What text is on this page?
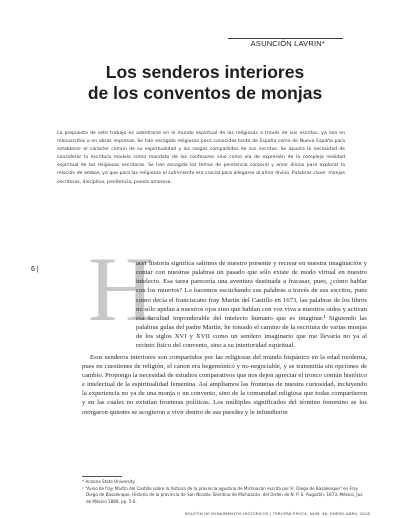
ASUNCIÓN LAVRIN*
Los senderos interiores
de los conventos de monjas
La propuesta de este trabajo es adentrarse en el mundo espiritual de las religiosas a través de sus escritos, ya sea en manuscritos o en obras impresas. Se han escogido religiosas poco conocidas tanto de España como de Nueva España para establecer el carácter común de su espiritualidad y los rasgos compartidos de sus escritos. Se apunta la necesidad de considerar la escritura modelo como mandato de los confesores sino como vía de expresión de la compleja realidad espiritual de las religiosas escritoras. Se han escogido los temas de penitencia corporal y amor divino para explorar la relación de ambos, ya que para las religiosas el sufrimiento era crucial para allegarse al amor divino. Palabras clave: monjas escritoras, disciplina, penitencia, poesía amorosa.
6 | H

acer historia significa salirnos de nuestro presente y recrear en nuestra imaginación y contar con nuestras palabras un pasado que sólo existe de modo virtual en nuestro intelecto. Esa tarea parecería una aventura destinada a fracasar, pues, ¿cómo hablar con los muertos? Lo hacemos escuchando sus palabras a través de sus escritos, pues como decía el franciscano fray Martín del Castillo en 1673, las palabras de los libros no sólo apelan a nuestros ojos sino que hablan con voz viva a nuestros oídos y activan esa facultad imponderable del intelecto humano que es imaginar.¹ Siguiendo las palabras gulas del padre Martín, he tomado el camino de la escritura de varias monjas de los siglos XVI y XVII como un sendero imaginario que me llevaría no ya al recinto físico del convento, sino a su interioridad espiritual.

Esos senderos interiores son compartidos por las religiosas del mundo hispánico en la edad moderna, pues en cuestiones de religión, el canon era hegemónico y no-negociable, y se transmitía sin opciones de cambio. Propongo la necesidad de estudios comparativos que nos dejen apreciar el tronco común histórico e intelectual de la espiritualidad femenina. Así ampliamos las fronteras de nuestra curiosidad, incluyendo la experiencia no ya de una monja o un convento, sino de la comunidad religiosa que todas compartieron y en las cuales no existían fronteras políticas. Los múltiples significados del término femenino se los otorgaron quienes se acogieron a vivir dentro de sus paredes y le infundieron

* Arizona State University.
¹ "Aviso de fray Martín del Castillo sobre la historia de la provincia agustina de Michoacán escrita por Fr. Diego de Basalenque" en Fray Diego de Basalenque, Historia de la provincia de San Nicolás Tolentino de Michoacán, del Orden de N. P. S. Augustín, 1673, México, Jus de México 1886, pp. 5-6.
BOLETÍN DE MONUMENTOS HISTÓRICOS | TERCERA ÉPOCA, NÚM. 40, ENERO-ABRIL 2018
